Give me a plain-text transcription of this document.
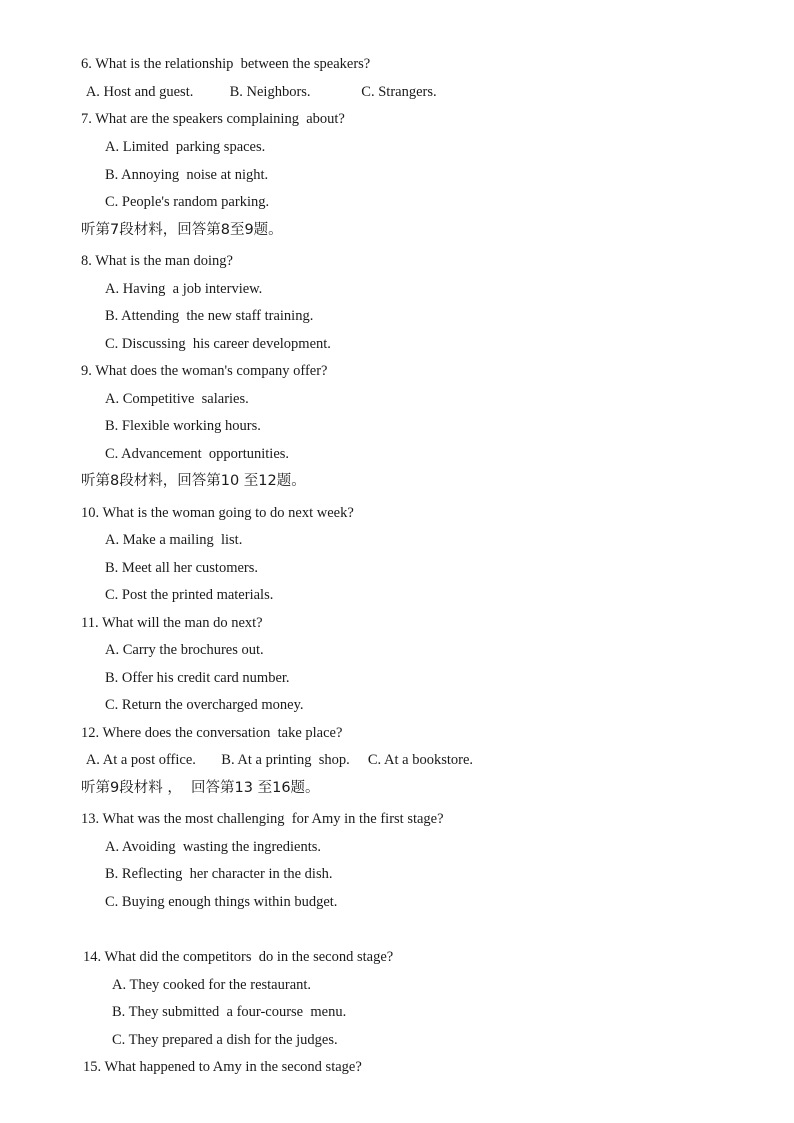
6. What is the relationship  between the speakers?
A. Host and guest.          B. Neighbors.              C. Strangers.
7. What are the speakers complaining  about?
A. Limited  parking spaces.
B. Annoying  noise at night.
C. People's random parking.
听第7段材料，回答第8至9题。
8. What is the man doing?
A. Having  a job interview.
B. Attending  the new staff training.
C. Discussing  his career development.
9. What does the woman's company offer?
A. Competitive  salaries.
B. Flexible working hours.
C. Advancement  opportunities.
听第8段材料，回答第10 至12题。
10. What is the woman going to do next week?
A. Make a mailing  list.
B. Meet all her customers.
C. Post the printed materials.
11. What will the man do next?
A. Carry the brochures out.
B. Offer his credit card number.
C. Return the overcharged money.
12. Where does the conversation  take place?
A. At a post office.       B. At a printing  shop.     C. At a bookstore.
听第9段材料 ，  回答第13 至16题。
13. What was the most challenging  for Amy in the first stage?
A. Avoiding  wasting the ingredients.
B. Reflecting  her character in the dish.
C. Buying enough things within budget.
14. What did the competitors  do in the second stage?
A. They cooked for the restaurant.
B. They submitted  a four-course  menu.
C. They prepared a dish for the judges.
15. What happened to Amy in the second stage?
